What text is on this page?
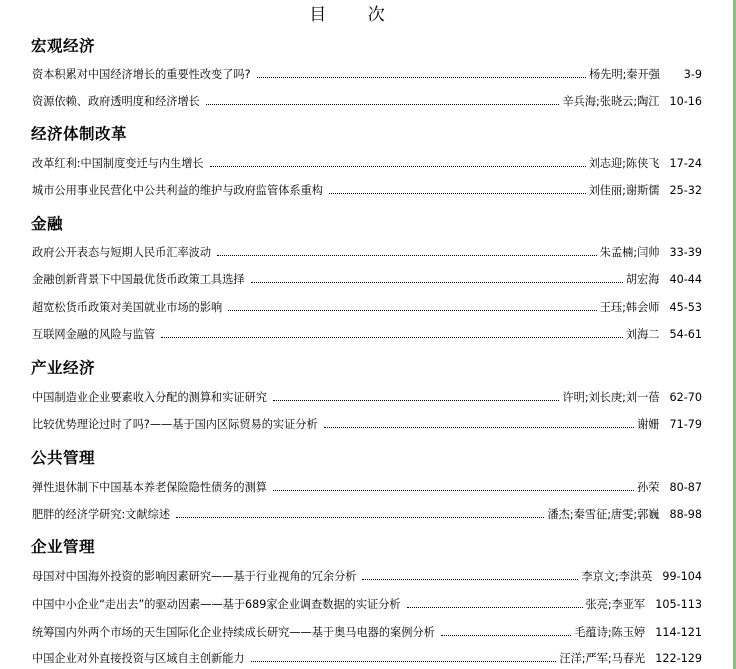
目 次
宏观经济
资本积累对中国经济增长的重要性改变了吗?	杨先明;秦开强	3-9
资源依赖、政府透明度和经济增长	辛兵海;张晓云;陶江 10-16
经济体制改革
改革红利:中国制度变迁与内生增长	刘志迎;陈侠飞 17-24
城市公用事业民营化中公共利益的维护与政府监管体系重构	刘佳丽;谢斯儒 25-32
金融
政府公开表态与短期人民币汇率波动	朱孟楠;闫帅 33-39
金融创新背景下中国最优货币政策工具选择	胡宏海 40-44
超宽松货币政策对美国就业市场的影响	王珏;韩会师 45-53
互联网金融的风险与监管	刘海二 54-61
产业经济
中国制造业企业要素收入分配的测算和实证研究	许明;刘长庚;刘一蓓 62-70
比较优势理论过时了吗?——基于国内区际贸易的实证分析	谢姗 71-79
公共管理
弹性退休制下中国基本养老保险隐性债务的测算	孙荣 80-87
肥胖的经济学研究:文献综述	潘杰;秦雪征;唐雯;郭巍 88-98
企业管理
母国对中国海外投资的影响因素研究——基于行业视角的冗余分析	李京文;李洪英 99-104
中国中小企业“走出去”的驱动因素——基于689家企业调查数据的实证分析	张亮;李亚军 105-113
统筹国内外两个市场的天生国际化企业持续成长研究——基于奥马电器的案例分析	毛蕴诗;陈玉婷 114-121
中国企业对外直接投资与区域自主创新能力	汪洋;严军;马春光 122-129
